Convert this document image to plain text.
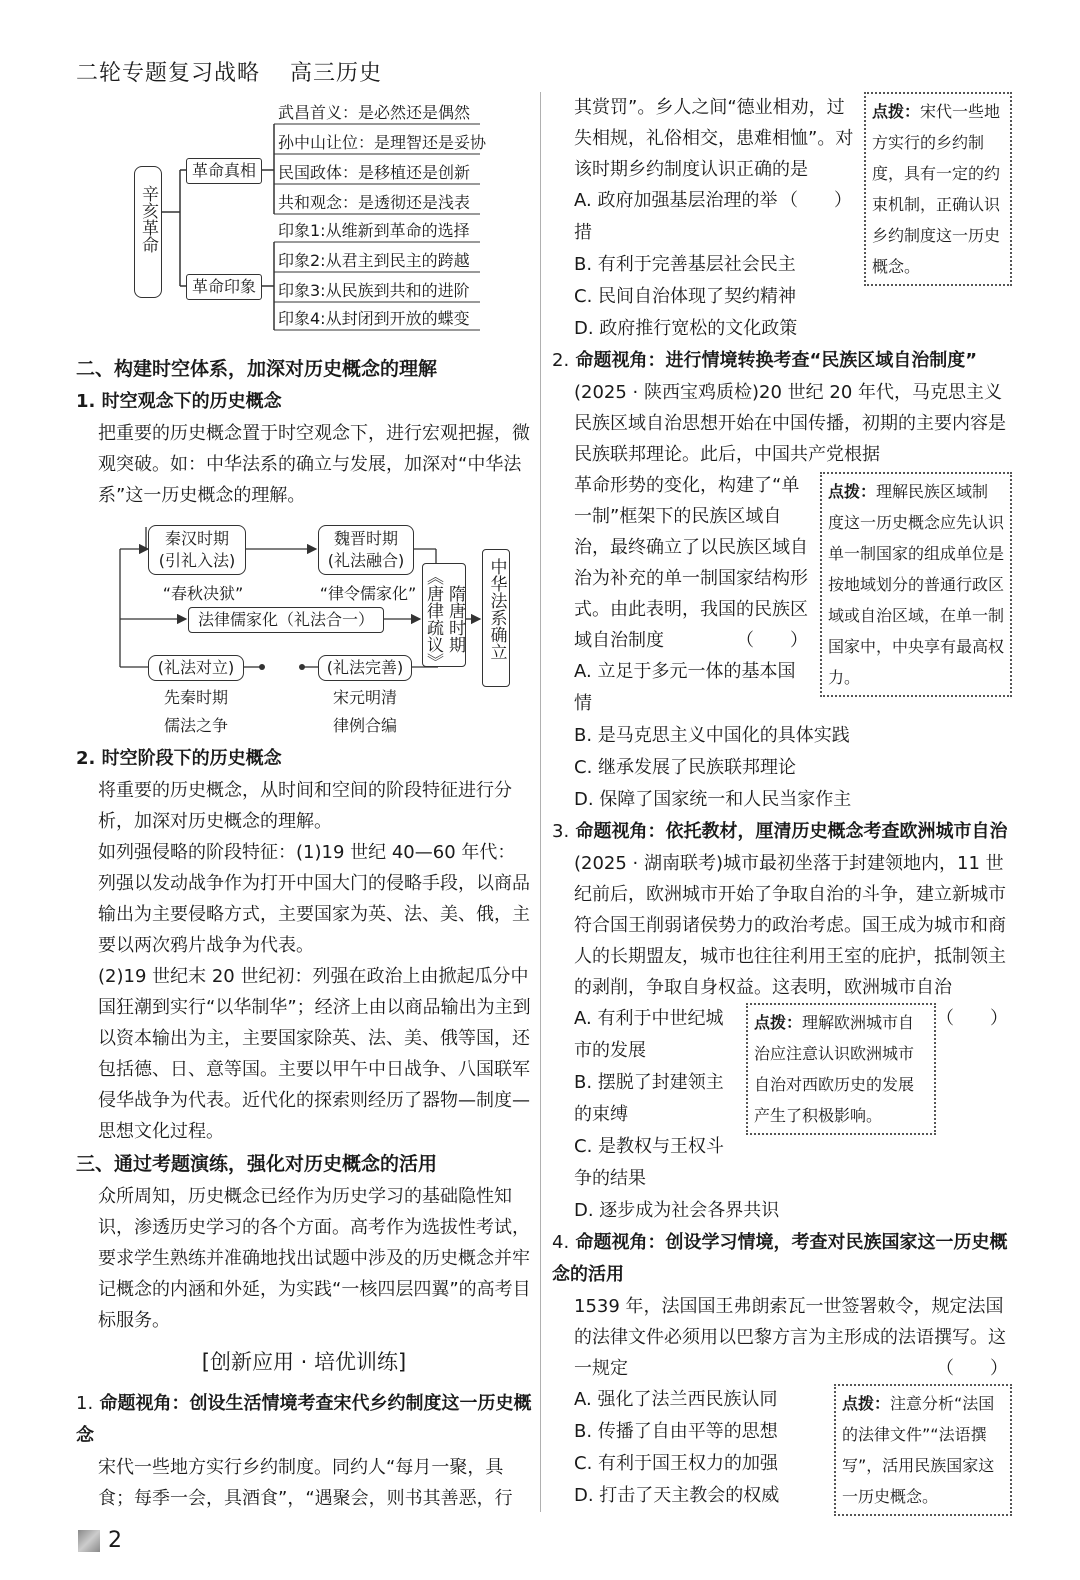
二轮专题复习战略 高三历史
辛亥革命
革命真相
革命印象
武昌首义：是必然还是偶然
孙中山让位：是理智还是妥协
民国政体：是移植还是创新
共和观念：是透彻还是浅表
印象1:从维新到革命的选择
印象2:从君主到民主的跨越
印象3:从民族到共和的进阶
印象4:从封闭到开放的蝶变

二、构建时空体系，加深对历史概念的理解

1. 时空观念下的历史概念

把重要的历史概念置于时空观念下，进行宏观把握，微观突破。如：中华法系的确立与发展，加深对“中华法系”这一历史概念的理解。

秦汉时期
(引礼入法)
“春秋决狱”
魏晋时期
(礼法融合)
“律令儒家化”
法律儒家化（礼法合一）	《唐律疏议》 隋唐时期 中华法系确立
(礼法对立)
先秦时期
儒法之争
(礼法完善)
宋元明清
律例合编

2. 时空阶段下的历史概念

将重要的历史概念，从时间和空间的阶段特征进行分析，加深对历史概念的理解。

如列强侵略的阶段特征：(1)19 世纪 40—60 年代：列强以发动战争作为打开中国大门的侵略手段，以商品输出为主要侵略方式，主要国家为英、法、美、俄，主要以两次鸦片战争为代表。

(2)19 世纪末 20 世纪初：列强在政治上由掀起瓜分中国狂潮到实行“以华制华”；经济上由以商品输出为主到以资本输出为主，主要国家除英、法、美、俄等国，还包括德、日、意等国。主要以甲午中日战争、八国联军侵华战争为代表。近代化的探索则经历了器物—制度—思想文化过程。

三、通过考题演练，强化对历史概念的活用

众所周知，历史概念已经作为历史学习的基础隐性知识，渗透历史学习的各个方面。高考作为选拔性考试，要求学生熟练并准确地找出试题中涉及的历史概念并牢记概念的内涵和外延，为实践“一核四层四翼”的高考目标服务。

[创新应用 · 培优训练]

1. 命题视角：创设生活情境考查宋代乡约制度这一历史概念

宋代一些地方实行乡约制度。同约人“每月一聚，具食；每季一会，具酒食”，“遇聚会，则书其善恶，行

点拨：宋代一些地方实行的乡约制度，具有一定的约束机制，正确认识乡约制度这一历史概念。

其赏罚”。乡人之间“德业相劝，过失相规，礼俗相交，患难相恤”。对该时期乡约制度认识正确的是
（　　）

A. 政府加强基层治理的举措

B. 有利于完善基层社会民主

C. 民间自治体现了契约精神

D. 政府推行宽松的文化政策

2. 命题视角：进行情境转换考查“民族区域自治制度”

(2025 · 陕西宝鸡质检)20 世纪 20 年代，马克思主义民族区域自治思想开始在中国传播，初期的主要内容是民族联邦理论。此后，中国共产党根据

点拨：理解民族区域制度这一历史概念应先认识单一制国家的组成单位是按地域划分的普通行政区域或自治区域，在单一制国家中，中央享有最高权力。

革命形势的变化，构建了“单一制”框架下的民族区域自治，最终确立了以民族区域自治为补充的单一制国家结构形式。由此表明，我国的民族区域自治制度	（　　）

A. 立足于多元一体的基本国情

B. 是马克思主义中国化的具体实践

C. 继承发展了民族联邦理论

D. 保障了国家统一和人民当家作主

3. 命题视角：依托教材，厘清历史概念考查欧洲城市自治

(2025 · 湖南联考)城市最初坐落于封建领地内，11 世纪前后，欧洲城市开始了争取自治的斗争，建立新城市符合国王削弱诸侯势力的政治考虑。国王成为城市和商人的长期盟友，城市也往往利用王室的庇护，抵制领主的剥削，争取自身权益。这表明，欧洲城市自治
（　　）

点拨：理解欧洲城市自治应注意认识欧洲城市自治对西欧历史的发展产生了积极影响。

A. 有利于中世纪城市的发展

B. 摆脱了封建领主的束缚

C. 是教权与王权斗争的结果

D. 逐步成为社会各界共识

4. 命题视角：创设学习情境，考查对民族国家这一历史概念的活用

1539 年，法国国王弗朗索瓦一世签署敕令，规定法国的法律文件必须用以巴黎方言为主形成的法语撰写。这一规定	（　　）

点拨：注意分析“法国的法律文件”“法语撰写”，活用民族国家这一历史概念。

A. 强化了法兰西民族认同

B. 传播了自由平等的思想

C. 有利于国王权力的加强

D. 打击了天主教会的权威

2
